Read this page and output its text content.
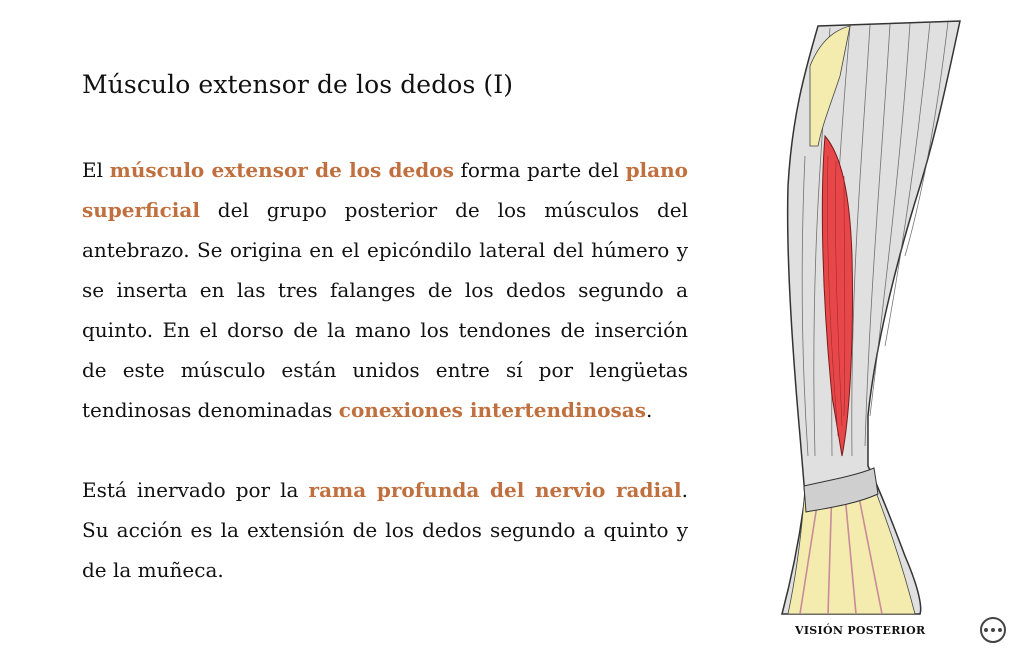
Músculo extensor de los dedos (I)

El músculo extensor de los dedos forma parte del plano superficial del grupo posterior de los músculos del antebrazo. Se origina en el epicóndilo lateral del húmero y se inserta en las tres falanges de los dedos segundo a quinto. En el dorso de la mano los tendones de inserción de este músculo están unidos entre sí por lengüetas tendinosas denominadas conexiones intertendinosas.

Está inervado por la rama profunda del nervio radial. Su acción es la extensión de los dedos segundo a quinto y de la muñeca.

VISIÓN POSTERIOR
